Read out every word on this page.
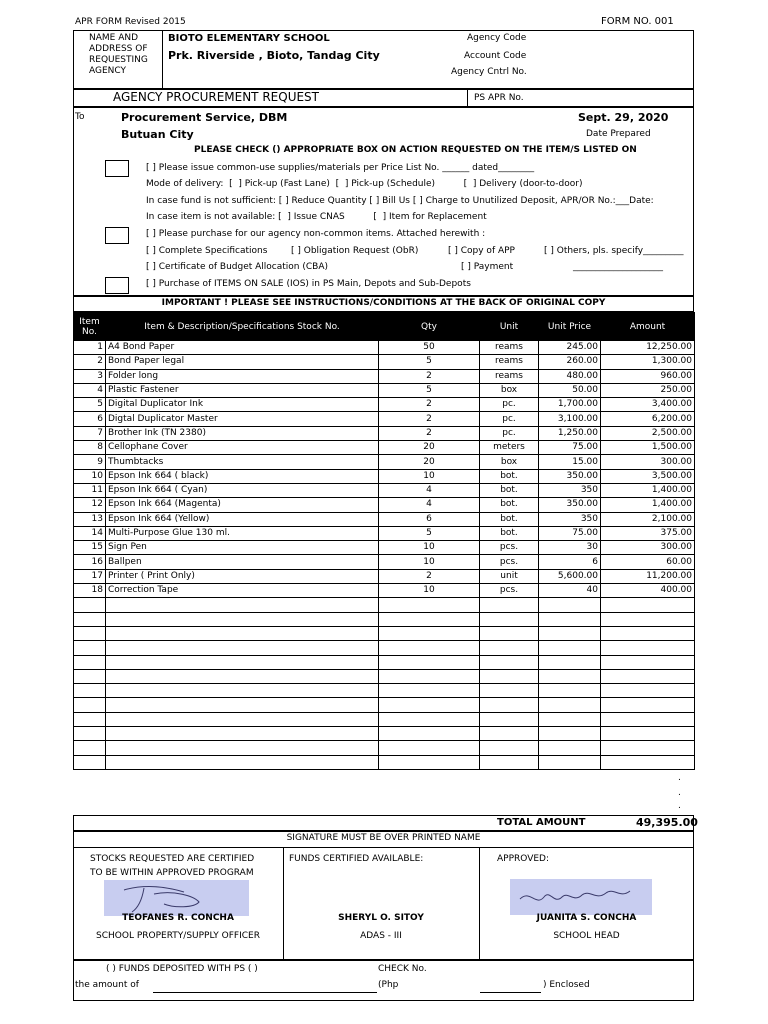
APR FORM Revised 2015	FORM NO. 001
NAME AND ADDRESS OF REQUESTING AGENCY
BIOTO ELEMENTARY SCHOOL
Prk. Riverside , Bioto, Tandag City
Agency Code
Account Code
Agency Cntrl No.
AGENCY PROCUREMENT REQUEST	PS APR No.
To	Procurement Service, DBM
Butuan City
Sept. 29, 2020
Date Prepared
PLEASE CHECK () APPROPRIATE BOX ON ACTION REQUESTED ON THE ITEM/S LISTED ON
[ ] Please issue common-use supplies/materials per Price List No. ______ dated________
Mode of delivery:  [  ] Pick-up (Fast Lane)  [  ] Pick-up (Schedule)          [  ] Delivery (door-to-door)
In case fund is not sufficient: [ ] Reduce Quantity [ ] Bill Us [ ] Charge to Unutilized Deposit, APR/OR No.:___Date:
In case item is not available: [  ] Issue CNAS          [  ] Item for Replacement
[ ] Please purchase for our agency non-common items. Attached herewith :
[ ] Complete Specifications	[ ] Obligation Request (ObR)	[ ] Copy of APP	[ ] Others, pls. specify_________
[ ] Certificate of Budget Allocation (CBA)	[ ] Payment	____________________
[ ] Purchase of ITEMS ON SALE (IOS) in PS Main, Depots and Sub-Depots
IMPORTANT ! PLEASE SEE INSTRUCTIONS/CONDITIONS AT THE BACK OF ORIGINAL COPY
Item No.	Item & Description/Specifications Stock No.	Qty	Unit	Unit Price	Amount
1	A4 Bond Paper	50	reams	245.00	12,250.00
2	Bond Paper legal	5	reams	260.00	1,300.00
3	Folder long	2	reams	480.00	960.00
4	Plastic Fastener	5	box	50.00	250.00
5	Digital Duplicator Ink	2	pc.	1,700.00	3,400.00
6	Digtal Duplicator Master	2	pc.	3,100.00	6,200.00
7	Brother Ink (TN 2380)	2	pc.	1,250.00	2,500.00
8	Cellophane Cover	20	meters	75.00	1,500.00
9	Thumbtacks	20	box	15.00	300.00
10	Epson Ink 664 ( black)	10	bot.	350.00	3,500.00
11	Epson Ink 664 ( Cyan)	4	bot.	350	1,400.00
12	Epson Ink 664 (Magenta)	4	bot.	350.00	1,400.00
13	Epson Ink 664 (Yellow)	6	bot.	350	2,100.00
14	Multi-Purpose Glue 130 ml.	5	bot.	75.00	375.00
15	Sign Pen	10	pcs.	30	300.00
16	Ballpen	10	pcs.	6	60.00
17	Printer ( Print Only)	2	unit	5,600.00	11,200.00
18	Correction Tape	10	pcs.	40	400.00

.
.
.
TOTAL AMOUNT	49,395.00
SIGNATURE MUST BE OVER PRINTED NAME
STOCKS REQUESTED ARE CERTIFIED
TO BE WITHIN APPROVED PROGRAM
FUNDS CERTIFIED AVAILABLE:	APPROVED:
TEOFANES R. CONCHA
SCHOOL PROPERTY/SUPPLY OFFICER
SHERYL O. SITOY
ADAS - III
JUANITA S. CONCHA
SCHOOL HEAD
( ) FUNDS DEPOSITED WITH PS ( )	CHECK No.
the amount of	(Php	) Enclosed
